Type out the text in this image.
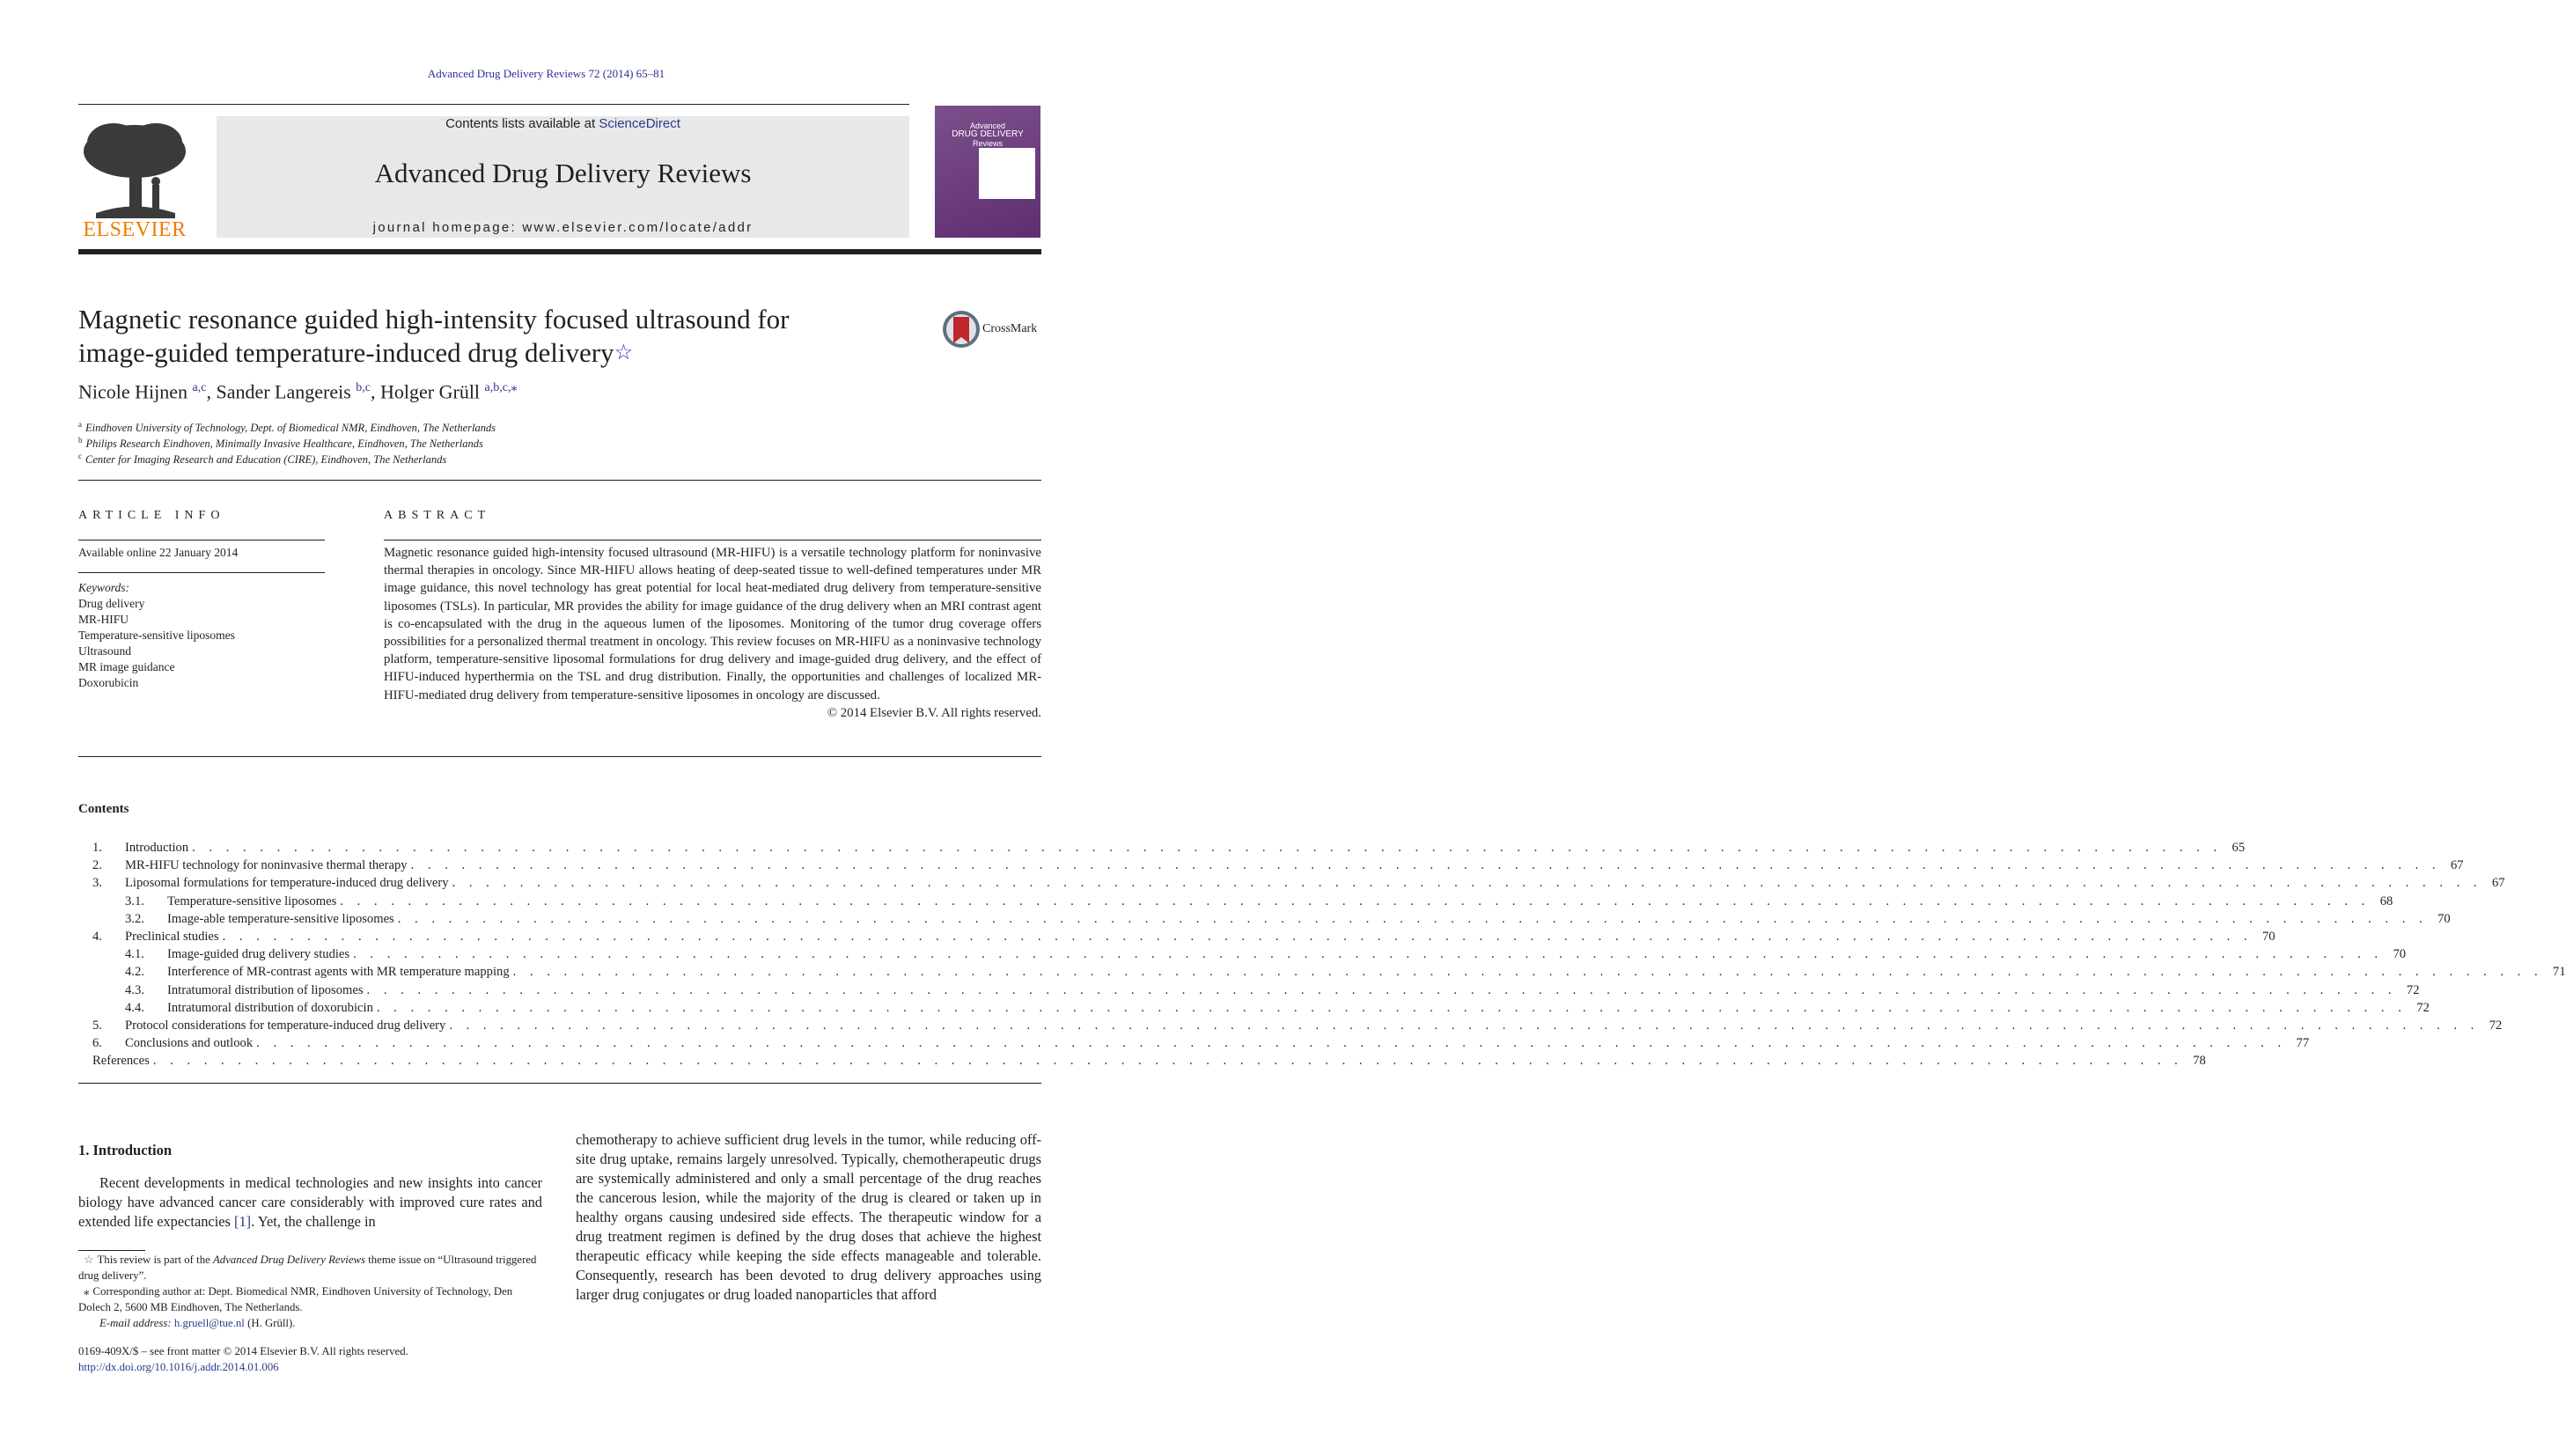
Advanced Drug Delivery Reviews 72 (2014) 65–81
ELSEVIER
Contents lists available at ScienceDirect
Advanced Drug Delivery Reviews
journal homepage: www.elsevier.com/locate/addr
Advanced
DRUG DELIVERY
Reviews
Magnetic resonance guided high-intensity focused ultrasound for
image-guided temperature-induced drug delivery☆
CrossMark
Nicole Hijnen $^{a,c}$, Sander Langereis $^{b,c}$, Holger Grüll $^{a,b,c,⁎}$
$^a$ Eindhoven University of Technology, Dept. of Biomedical NMR, Eindhoven, The Netherlands
$^b$ Philips Research Eindhoven, Minimally Invasive Healthcare, Eindhoven, The Netherlands
$^c$ Center for Imaging Research and Education (CIRE), Eindhoven, The Netherlands
ARTICLE INFO
Available online 22 January 2014
Keywords:
Drug delivery
MR-HIFU
Temperature-sensitive liposomes
Ultrasound
MR image guidance
Doxorubicin
ABSTRACT
Magnetic resonance guided high-intensity focused ultrasound (MR-HIFU) is a versatile technology platform for noninvasive thermal therapies in oncology. Since MR-HIFU allows heating of deep-seated tissue to well-defined temperatures under MR image guidance, this novel technology has great potential for local heat-mediated drug delivery from temperature-sensitive liposomes (TSLs). In particular, MR provides the ability for image guidance of the drug delivery when an MRI contrast agent is co-encapsulated with the drug in the aqueous lumen of the liposomes. Monitoring of the tumor drug coverage offers possibilities for a personalized thermal treatment in oncology. This review focuses on MR-HIFU as a noninvasive technology platform, temperature-sensitive liposomal formulations for drug delivery and image-guided drug delivery, and the effect of HIFU-induced hyperthermia on the TSL and drug distribution. Finally, the opportunities and challenges of localized MR-HIFU-mediated drug delivery from temperature-sensitive liposomes in oncology are discussed.
© 2014 Elsevier B.V. All rights reserved.
Contents
1.	Introduction . . . . . . . . . . . . . . . . . . . . . . . . . . . . . . . . . . . . . . . . . . . . . . . . . . . . . . . . . . . . . . . . . . . . . . . . . . . . . . . . . . . . . . . . . . . . . . . . . . . . . . . . . . . . . . . . . . . . . . . . 65
2.	MR-HIFU technology for noninvasive thermal therapy . . . . . . . . . . . . . . . . . . . . . . . . . . . . . . . . . . . . . . . . . . . . . . . . . . . . . . . . . . . . . . . . . . . . . . . . . . . . . . . . . . . . . . . . . . . . . . . . . . . . . . . . . . . . . . . . . . . . . . . . 67
3.	Liposomal formulations for temperature-induced drug delivery . . . . . . . . . . . . . . . . . . . . . . . . . . . . . . . . . . . . . . . . . . . . . . . . . . . . . . . . . . . . . . . . . . . . . . . . . . . . . . . . . . . . . . . . . . . . . . . . . . . . . . . . . . . . . . . . . . . . . . . . 67
3.1.	Temperature-sensitive liposomes . . . . . . . . . . . . . . . . . . . . . . . . . . . . . . . . . . . . . . . . . . . . . . . . . . . . . . . . . . . . . . . . . . . . . . . . . . . . . . . . . . . . . . . . . . . . . . . . . . . . . . . . . . . . . . . . . . . . . . . . 68
3.2.	Image-able temperature-sensitive liposomes . . . . . . . . . . . . . . . . . . . . . . . . . . . . . . . . . . . . . . . . . . . . . . . . . . . . . . . . . . . . . . . . . . . . . . . . . . . . . . . . . . . . . . . . . . . . . . . . . . . . . . . . . . . . . . . . . . . . . . . . 70
4.	Preclinical studies . . . . . . . . . . . . . . . . . . . . . . . . . . . . . . . . . . . . . . . . . . . . . . . . . . . . . . . . . . . . . . . . . . . . . . . . . . . . . . . . . . . . . . . . . . . . . . . . . . . . . . . . . . . . . . . . . . . . . . . . 70
4.1.	Image-guided drug delivery studies . . . . . . . . . . . . . . . . . . . . . . . . . . . . . . . . . . . . . . . . . . . . . . . . . . . . . . . . . . . . . . . . . . . . . . . . . . . . . . . . . . . . . . . . . . . . . . . . . . . . . . . . . . . . . . . . . . . . . . . . 70
4.2.	Interference of MR-contrast agents with MR temperature mapping . . . . . . . . . . . . . . . . . . . . . . . . . . . . . . . . . . . . . . . . . . . . . . . . . . . . . . . . . . . . . . . . . . . . . . . . . . . . . . . . . . . . . . . . . . . . . . . . . . . . . . . . . . . . . . . . . . . . . . . . 71
4.3.	Intratumoral distribution of liposomes . . . . . . . . . . . . . . . . . . . . . . . . . . . . . . . . . . . . . . . . . . . . . . . . . . . . . . . . . . . . . . . . . . . . . . . . . . . . . . . . . . . . . . . . . . . . . . . . . . . . . . . . . . . . . . . . . . . . . . . . 72
4.4.	Intratumoral distribution of doxorubicin . . . . . . . . . . . . . . . . . . . . . . . . . . . . . . . . . . . . . . . . . . . . . . . . . . . . . . . . . . . . . . . . . . . . . . . . . . . . . . . . . . . . . . . . . . . . . . . . . . . . . . . . . . . . . . . . . . . . . . . . 72
5.	Protocol considerations for temperature-induced drug delivery . . . . . . . . . . . . . . . . . . . . . . . . . . . . . . . . . . . . . . . . . . . . . . . . . . . . . . . . . . . . . . . . . . . . . . . . . . . . . . . . . . . . . . . . . . . . . . . . . . . . . . . . . . . . . . . . . . . . . . . . 72
6.	Conclusions and outlook . . . . . . . . . . . . . . . . . . . . . . . . . . . . . . . . . . . . . . . . . . . . . . . . . . . . . . . . . . . . . . . . . . . . . . . . . . . . . . . . . . . . . . . . . . . . . . . . . . . . . . . . . . . . . . . . . . . . . . . . 77
References . . . . . . . . . . . . . . . . . . . . . . . . . . . . . . . . . . . . . . . . . . . . . . . . . . . . . . . . . . . . . . . . . . . . . . . . . . . . . . . . . . . . . . . . . . . . . . . . . . . . . . . . . . . . . . . . . . . . . . . . 78
1. Introduction
Recent developments in medical technologies and new insights into cancer biology have advanced cancer care considerably with improved cure rates and extended life expectancies [1]. Yet, the challenge in
chemotherapy to achieve sufficient drug levels in the tumor, while reducing off-site drug uptake, remains largely unresolved. Typically, chemotherapeutic drugs are systemically administered and only a small percentage of the drug reaches the cancerous lesion, while the majority of the drug is cleared or taken up in healthy organs causing undesired side effects. The therapeutic window for a drug treatment regimen is defined by the drug doses that achieve the highest therapeutic efficacy while keeping the side effects manageable and tolerable. Consequently, research has been devoted to drug delivery approaches using larger drug conjugates or drug loaded nanoparticles that afford
☆ This review is part of the Advanced Drug Delivery Reviews theme issue on “Ultrasound triggered drug delivery”.
⁎ Corresponding author at: Dept. Biomedical NMR, Eindhoven University of Technology, Den Dolech 2, 5600 MB Eindhoven, The Netherlands.
E-mail address: h.gruell@tue.nl (H. Grüll).
0169-409X/$ – see front matter © 2014 Elsevier B.V. All rights reserved.
http://dx.doi.org/10.1016/j.addr.2014.01.006
